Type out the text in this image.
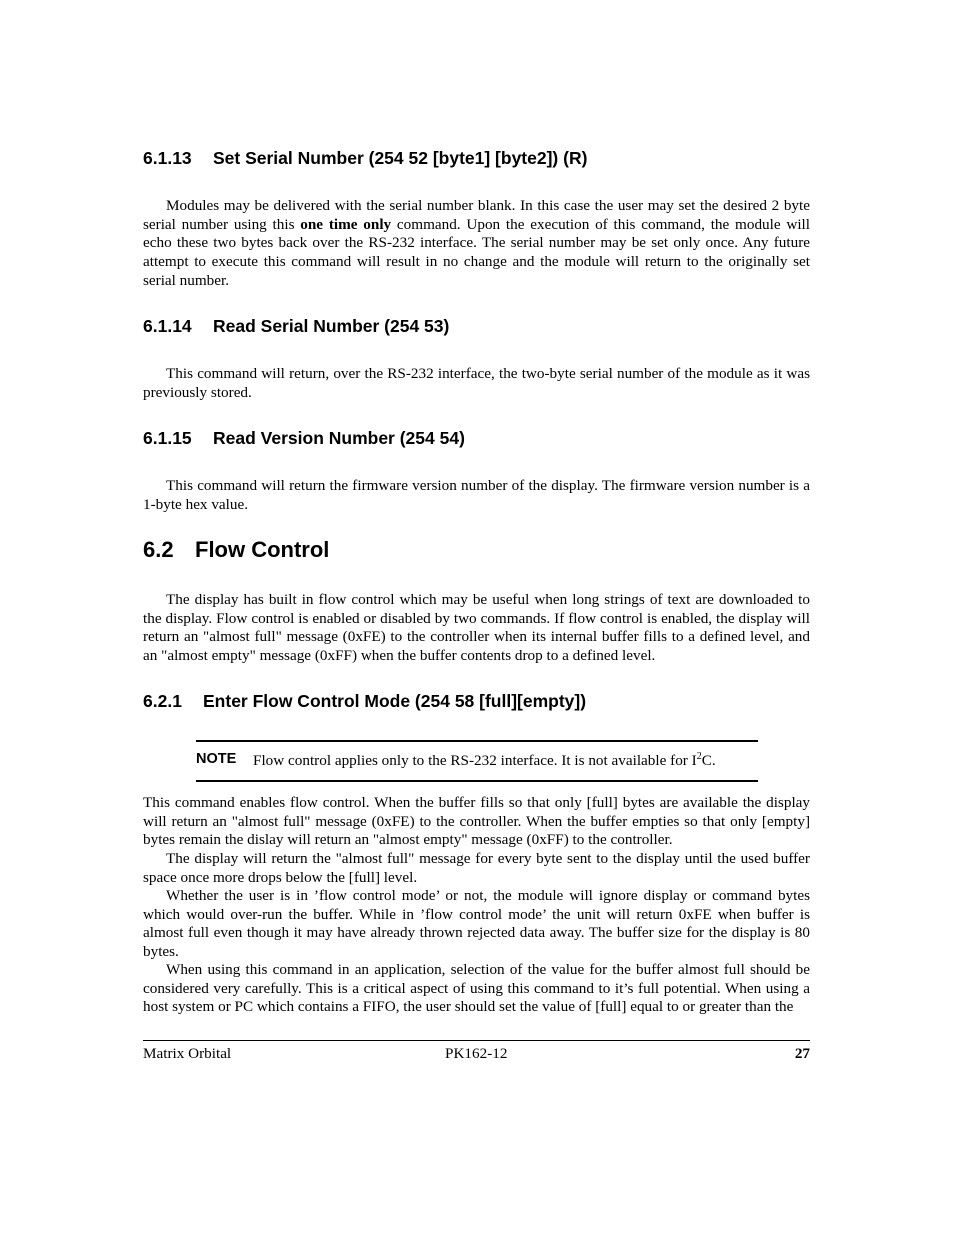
6.1.13 Set Serial Number (254 52 [byte1] [byte2]) (R)

Modules may be delivered with the serial number blank. In this case the user may set the desired 2 byte serial number using this one time only command. Upon the execution of this command, the module will echo these two bytes back over the RS-232 interface. The serial number may be set only once. Any future attempt to execute this command will result in no change and the module will return to the originally set serial number.

6.1.14 Read Serial Number (254 53)

This command will return, over the RS-232 interface, the two-byte serial number of the module as it was previously stored.

6.1.15 Read Version Number (254 54)

This command will return the firmware version number of the display. The firmware version number is a 1-byte hex value.

6.2 Flow Control

The display has built in flow control which may be useful when long strings of text are downloaded to the display. Flow control is enabled or disabled by two commands. If flow control is enabled, the display will return an "almost full" message (0xFE) to the controller when its internal buffer fills to a defined level, and an "almost empty" message (0xFF) when the buffer contents drop to a defined level.

6.2.1 Enter Flow Control Mode (254 58 [full][empty])
NOTE Flow control applies only to the RS-232 interface. It is not available for $I^2C$.

This command enables flow control. When the buffer fills so that only [full] bytes are available the display will return an "almost full" message (0xFE) to the controller. When the buffer empties so that only [empty] bytes remain the dislay will return an "almost empty" message (0xFF) to the controller.

The display will return the "almost full" message for every byte sent to the display until the used buffer space once more drops below the [full] level.

Whether the user is in ’flow control mode’ or not, the module will ignore display or command bytes which would over-run the buffer. While in ’flow control mode’ the unit will return 0xFE when buffer is almost full even though it may have already thrown rejected data away. The buffer size for the display is 80 bytes.

When using this command in an application, selection of the value for the buffer almost full should be considered very carefully. This is a critical aspect of using this command to it’s full potential. When using a host system or PC which contains a FIFO, the user should set the value of [full] equal to or greater than the

Matrix Orbital	PK162-12	27
